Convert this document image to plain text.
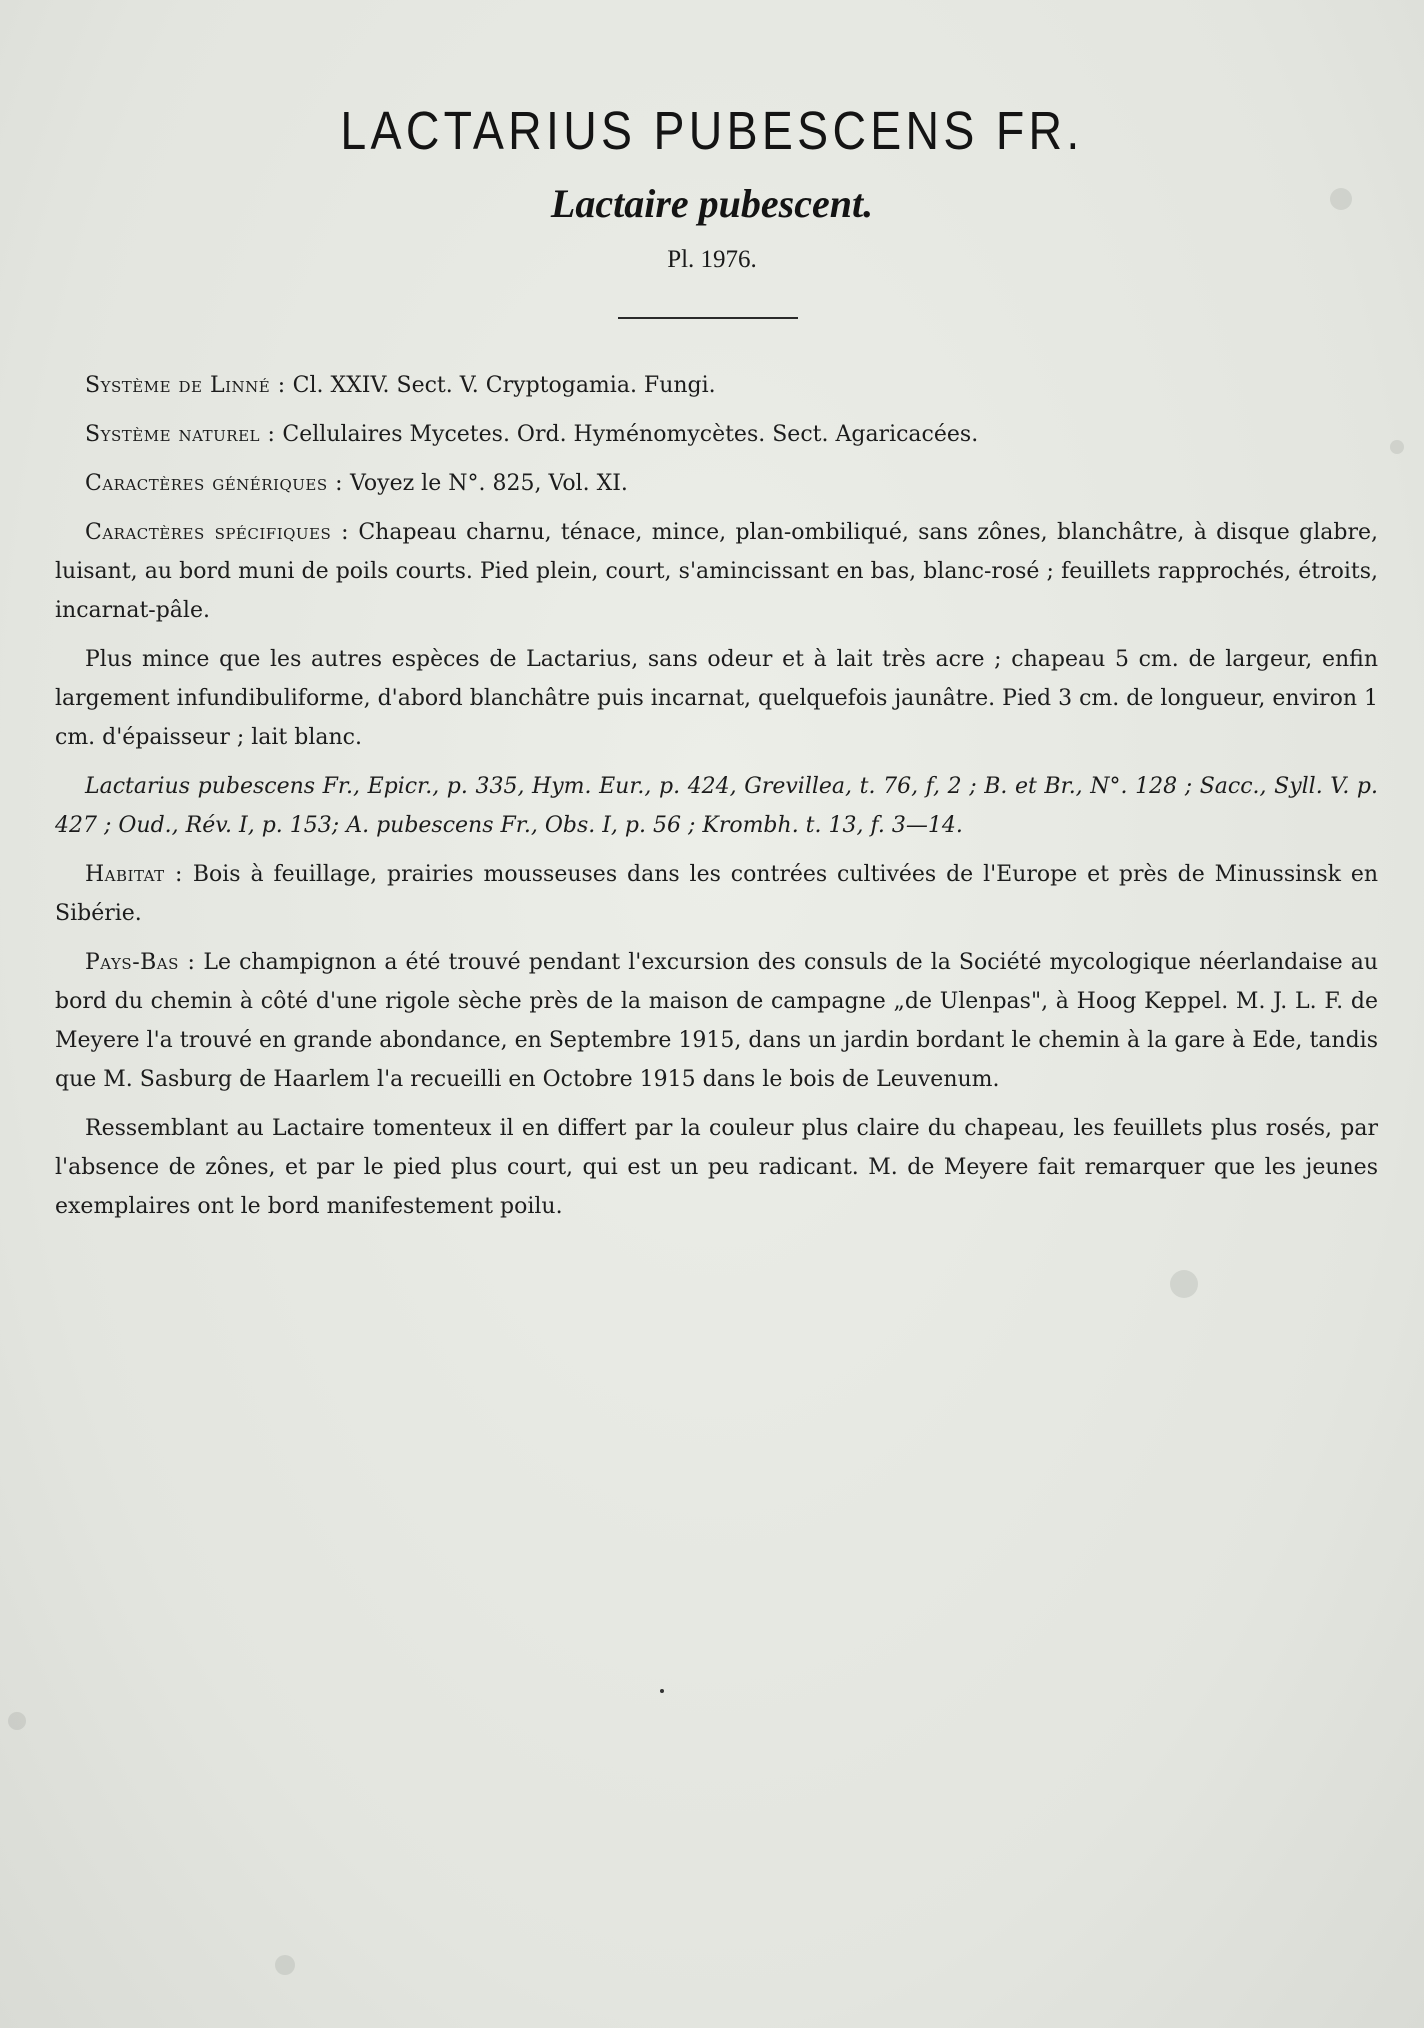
LACTARIUS PUBESCENS FR.
Lactaire pubescent.
Pl. 1976.

Système de Linné : Cl. XXIV. Sect. V. Cryptogamia. Fungi.

Système naturel : Cellulaires Mycetes. Ord. Hyménomycètes. Sect. Agaricacées.

Caractères génériques : Voyez le N°. 825, Vol. XI.

Caractères spécifiques : Chapeau charnu, ténace, mince, plan-ombiliqué, sans zônes, blanchâtre, à disque glabre, luisant, au bord muni de poils courts. Pied plein, court, s'amincissant en bas, blanc-rosé ; feuillets rapprochés, étroits, incarnat-pâle.

Plus mince que les autres espèces de Lactarius, sans odeur et à lait très acre ; chapeau 5 cm. de largeur, enfin largement infundibuliforme, d'abord blanchâtre puis incarnat, quelquefois jaunâtre. Pied 3 cm. de longueur, environ 1 cm. d'épaisseur ; lait blanc.

Lactarius pubescens Fr., Epicr., p. 335, Hym. Eur., p. 424, Grevillea, t. 76, f, 2 ; B. et Br., N°. 128 ; Sacc., Syll. V. p. 427 ; Oud., Rév. I, p. 153; A. pubescens Fr., Obs. I, p. 56 ; Krombh. t. 13, f. 3—14.

Habitat : Bois à feuillage, prairies mousseuses dans les contrées cultivées de l'Europe et près de Minussinsk en Sibérie.

Pays-Bas : Le champignon a été trouvé pendant l'excursion des consuls de la Société mycologique néerlandaise au bord du chemin à côté d'une rigole sèche près de la maison de campagne „de Ulenpas", à Hoog Keppel. M. J. L. F. de Meyere l'a trouvé en grande abondance, en Septembre 1915, dans un jardin bordant le chemin à la gare à Ede, tandis que M. Sasburg de Haarlem l'a recueilli en Octobre 1915 dans le bois de Leuvenum.

Ressemblant au Lactaire tomenteux il en differt par la couleur plus claire du chapeau, les feuillets plus rosés, par l'absence de zônes, et par le pied plus court, qui est un peu radicant. M. de Meyere fait remarquer que les jeunes exemplaires ont le bord manifestement poilu.
